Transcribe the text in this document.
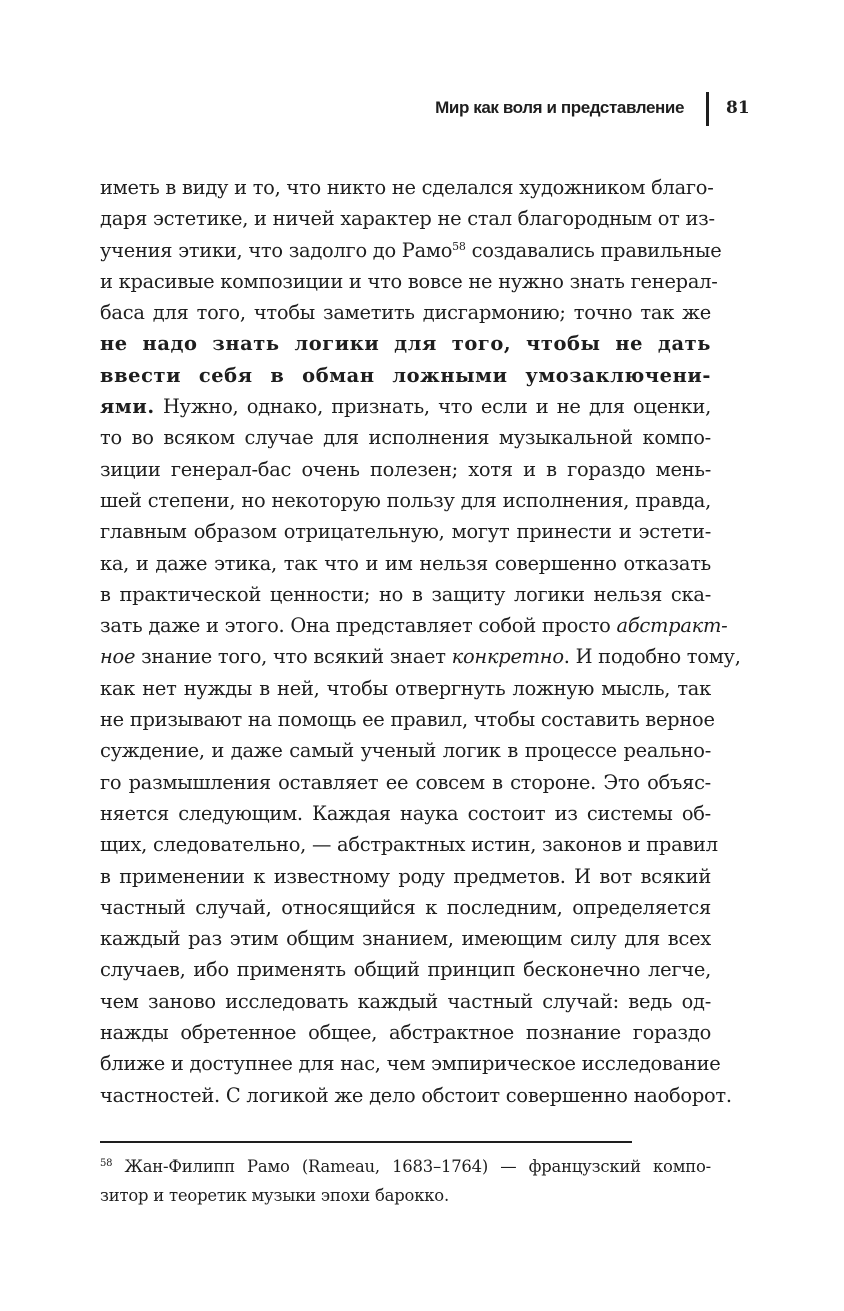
Мир как воля и представление 81
иметь в виду и то, что никто не сделался художником благо-
даря эстетике, и ничей характер не стал благородным от из-
учения этики, что задолго до Рамо$^{58}$ создавались правильные
и красивые композиции и что вовсе не нужно знать генерал-
баса для того, чтобы заметить дисгармонию; точно так же
не надо знать логики для того, чтобы не дать
ввести себя в обман ложными умозаключени-
ями. Нужно, однако, признать, что если и не для оценки,
то во всяком случае для исполнения музыкальной компо-
зиции генерал-бас очень полезен; хотя и в гораздо мень-
шей степени, но некоторую пользу для исполнения, правда,
главным образом отрицательную, могут принести и эстети-
ка, и даже этика, так что и им нельзя совершенно отказать
в практической ценности; но в защиту логики нельзя ска-
зать даже и этого. Она представляет собой просто абстракт-
ное знание того, что всякий знает конкретно. И подобно тому,
как нет нужды в ней, чтобы отвергнуть ложную мысль, так
не призывают на помощь ее правил, чтобы составить верное
суждение, и даже самый ученый логик в процессе реально-
го размышления оставляет ее совсем в стороне. Это объяс-
няется следующим. Каждая наука состоит из системы об-
щих, следовательно, — абстрактных истин, законов и правил
в применении к известному роду предметов. И вот всякий
частный случай, относящийся к последним, определяется
каждый раз этим общим знанием, имеющим силу для всех
случаев, ибо применять общий принцип бесконечно легче,
чем заново исследовать каждый частный случай: ведь од-
нажды обретенное общее, абстрактное познание гораздо
ближе и доступнее для нас, чем эмпирическое исследование
частностей. С логикой же дело обстоит совершенно наоборот.
$^{58}$ Жан-Филипп Рамо (Rameau, 1683–1764) — французский компо-
зитор и теоретик музыки эпохи барокко.
